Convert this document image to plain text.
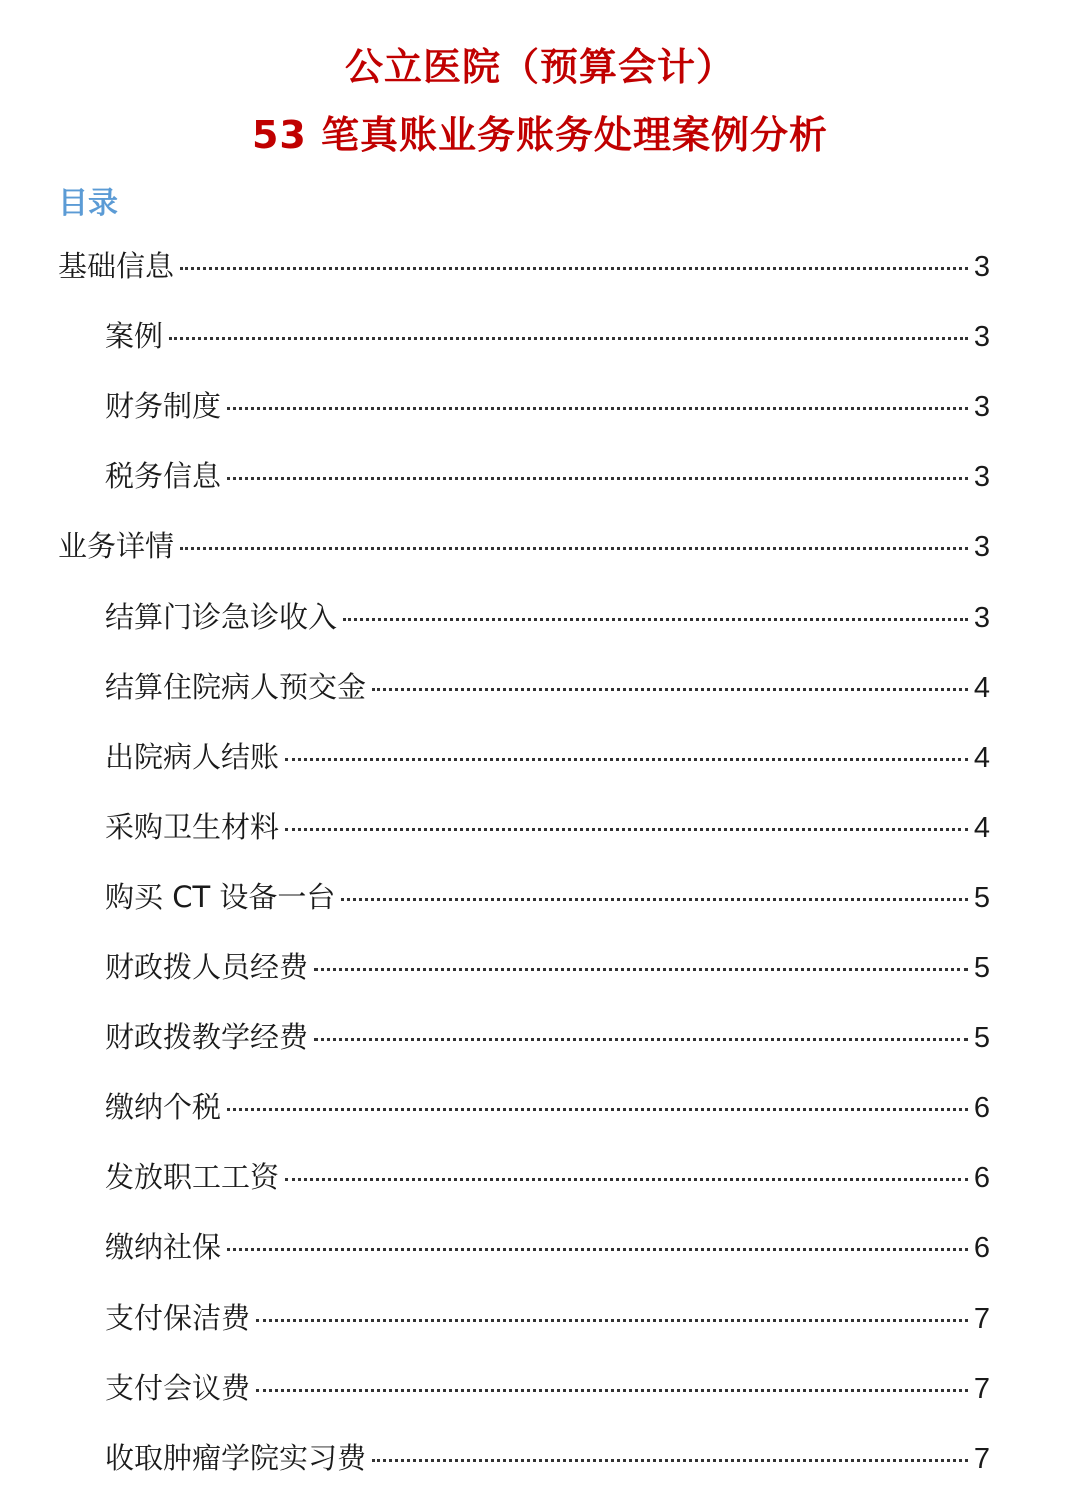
公立医院（预算会计）
53 笔真账业务账务处理案例分析
目录
基础信息	3
案例	3
财务制度	3
税务信息	3
业务详情	3
结算门诊急诊收入	3
结算住院病人预交金	4
出院病人结账	4
采购卫生材料	4
购买 CT 设备一台	5
财政拨人员经费	5
财政拨教学经费	5
缴纳个税	6
发放职工工资	6
缴纳社保	6
支付保洁费	7
支付会议费	7
收取肿瘤学院实习费	7
